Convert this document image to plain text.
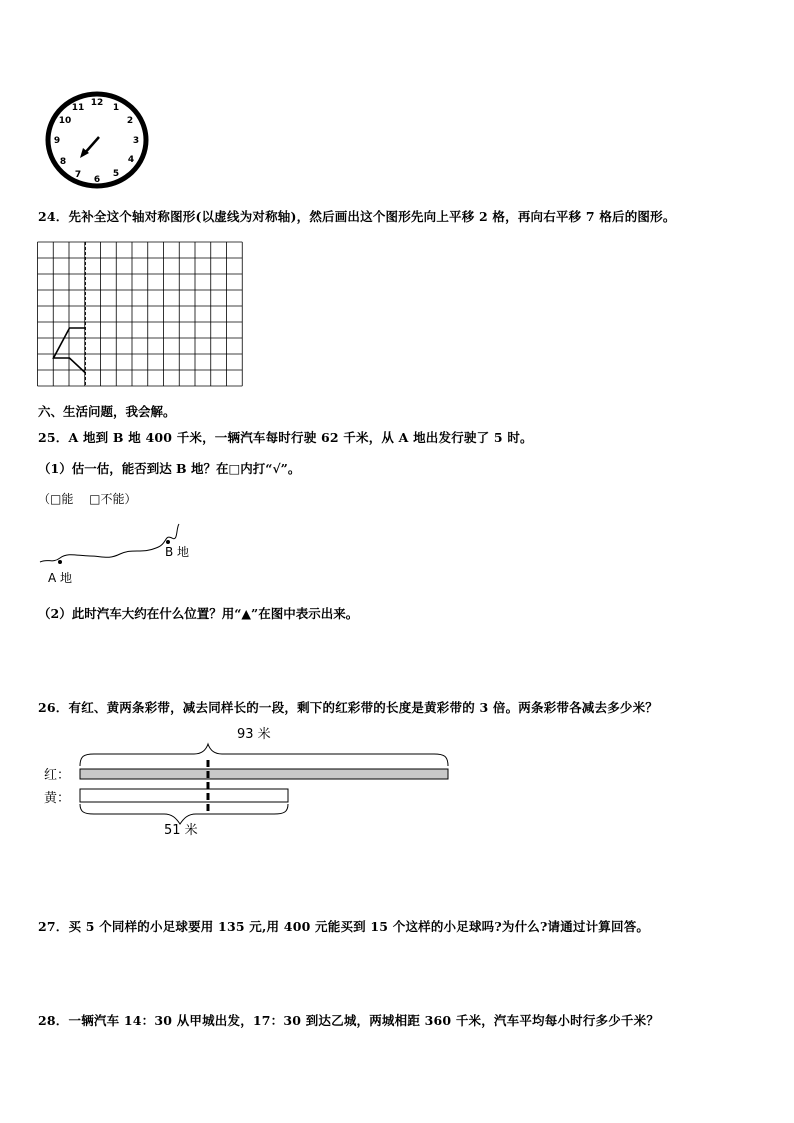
12 1
2
3
4
5
6
7
8
9
10
11
24．先补全这个轴对称图形(以虚线为对称轴)，然后画出这个图形先向上平移 2 格，再向右平移 7 格后的图形。
六、生活问题，我会解。
25．A 地到 B 地 400 千米，一辆汽车每时行驶 62 千米，从 A 地出发行驶了 5 时。
（1）估一估，能否到达 B 地？在□内打“√”。
（□能　 □不能）
A 地
B 地
（2）此时汽车大约在什么位置？用“▲”在图中表示出来。
26．有红、黄两条彩带，减去同样长的一段，剩下的红彩带的长度是黄彩带的 3 倍。两条彩带各减去多少米？
93 米
红：
黄：
51 米
27．买 5 个同样的小足球要用 135 元,用 400 元能买到 15 个这样的小足球吗?为什么?请通过计算回答。
28．一辆汽车 14：30 从甲城出发，17：30 到达乙城，两城相距 360 千米，汽车平均每小时行多少千米？
